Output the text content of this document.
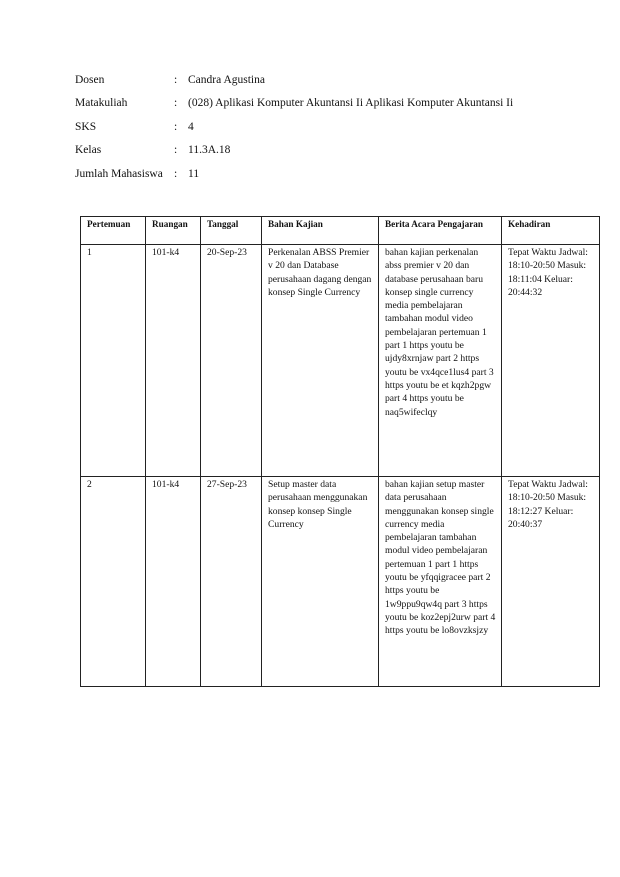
Dosen	: Candra Agustina
Matakuliah	: (028) Aplikasi Komputer Akuntansi Ii Aplikasi Komputer Akuntansi Ii
SKS	: 4
Kelas	: 11.3A.18
Jumlah Mahasiswa : 11
Pertemuan	Ruangan	Tanggal	Bahan Kajian	Berita Acara Pengajaran	Kehadiran
1	101-k4	20-Sep-23	Perkenalan ABSS Premier v 20 dan Database perusahaan dagang dengan konsep Single Currency	bahan kajian perkenalan abss premier v 20 dan database perusahaan baru konsep single currency media pembelajaran tambahan modul video pembelajaran pertemuan 1 part 1 https youtu be ujdy8xrnjaw part 2 https youtu be vx4qce1lus4 part 3 https youtu be et kqzh2pgw part 4 https youtu be naq5wifeclqy	Tepat Waktu Jadwal: 18:10-20:50 Masuk: 18:11:04 Keluar: 20:44:32
2	101-k4	27-Sep-23	Setup master data perusahaan menggunakan konsep konsep Single Currency	bahan kajian setup master data perusahaan menggunakan konsep single currency media pembelajaran tambahan modul video pembelajaran pertemuan 1 part 1 https youtu be yfqqigracee part 2 https youtu be 1w9ppu9qw4q part 3 https youtu be koz2epj2urw part 4 https youtu be lo8ovzksjzy	Tepat Waktu Jadwal: 18:10-20:50 Masuk: 18:12:27 Keluar: 20:40:37
